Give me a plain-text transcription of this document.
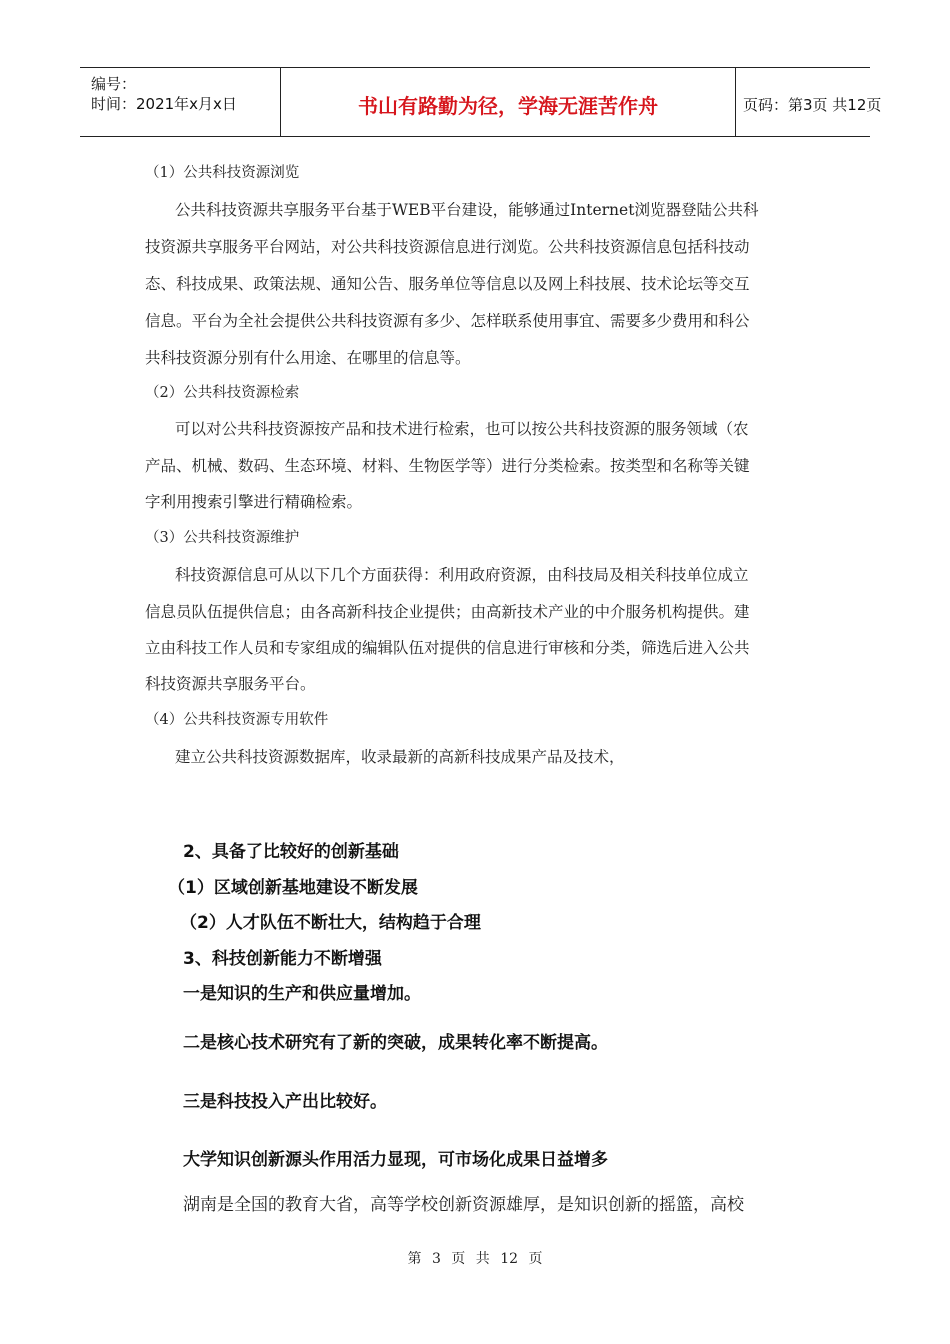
编号：
时间：2021年x月x日	书山有路勤为径，学海无涯苦作舟	页码：第3页 共12页
（1）公共科技资源浏览
公共科技资源共享服务平台基于WEB平台建设，能够通过Internet浏览器登陆公共科
技资源共享服务平台网站，对公共科技资源信息进行浏览。公共科技资源信息包括科技动
态、科技成果、政策法规、通知公告、服务单位等信息以及网上科技展、技术论坛等交互
信息。平台为全社会提供公共科技资源有多少、怎样联系使用事宜、需要多少费用和科公
共科技资源分别有什么用途、在哪里的信息等。
（2）公共科技资源检索
可以对公共科技资源按产品和技术进行检索，也可以按公共科技资源的服务领域（农
产品、机械、数码、生态环境、材料、生物医学等）进行分类检索。按类型和名称等关键
字利用搜索引擎进行精确检索。
（3）公共科技资源维护
科技资源信息可从以下几个方面获得：利用政府资源，由科技局及相关科技单位成立
信息员队伍提供信息；由各高新科技企业提供；由高新技术产业的中介服务机构提供。建
立由科技工作人员和专家组成的编辑队伍对提供的信息进行审核和分类，筛选后进入公共
科技资源共享服务平台。
（4）公共科技资源专用软件
建立公共科技资源数据库，收录最新的高新科技成果产品及技术，
2、具备了比较好的创新基础
（1）区域创新基地建设不断发展
（2）人才队伍不断壮大，结构趋于合理
3、科技创新能力不断增强
一是知识的生产和供应量增加。
二是核心技术研究有了新的突破，成果转化率不断提高。
三是科技投入产出比较好。
大学知识创新源头作用活力显现，可市场化成果日益增多
湖南是全国的教育大省，高等学校创新资源雄厚，是知识创新的摇篮，高校
第 3 页 共 12 页
